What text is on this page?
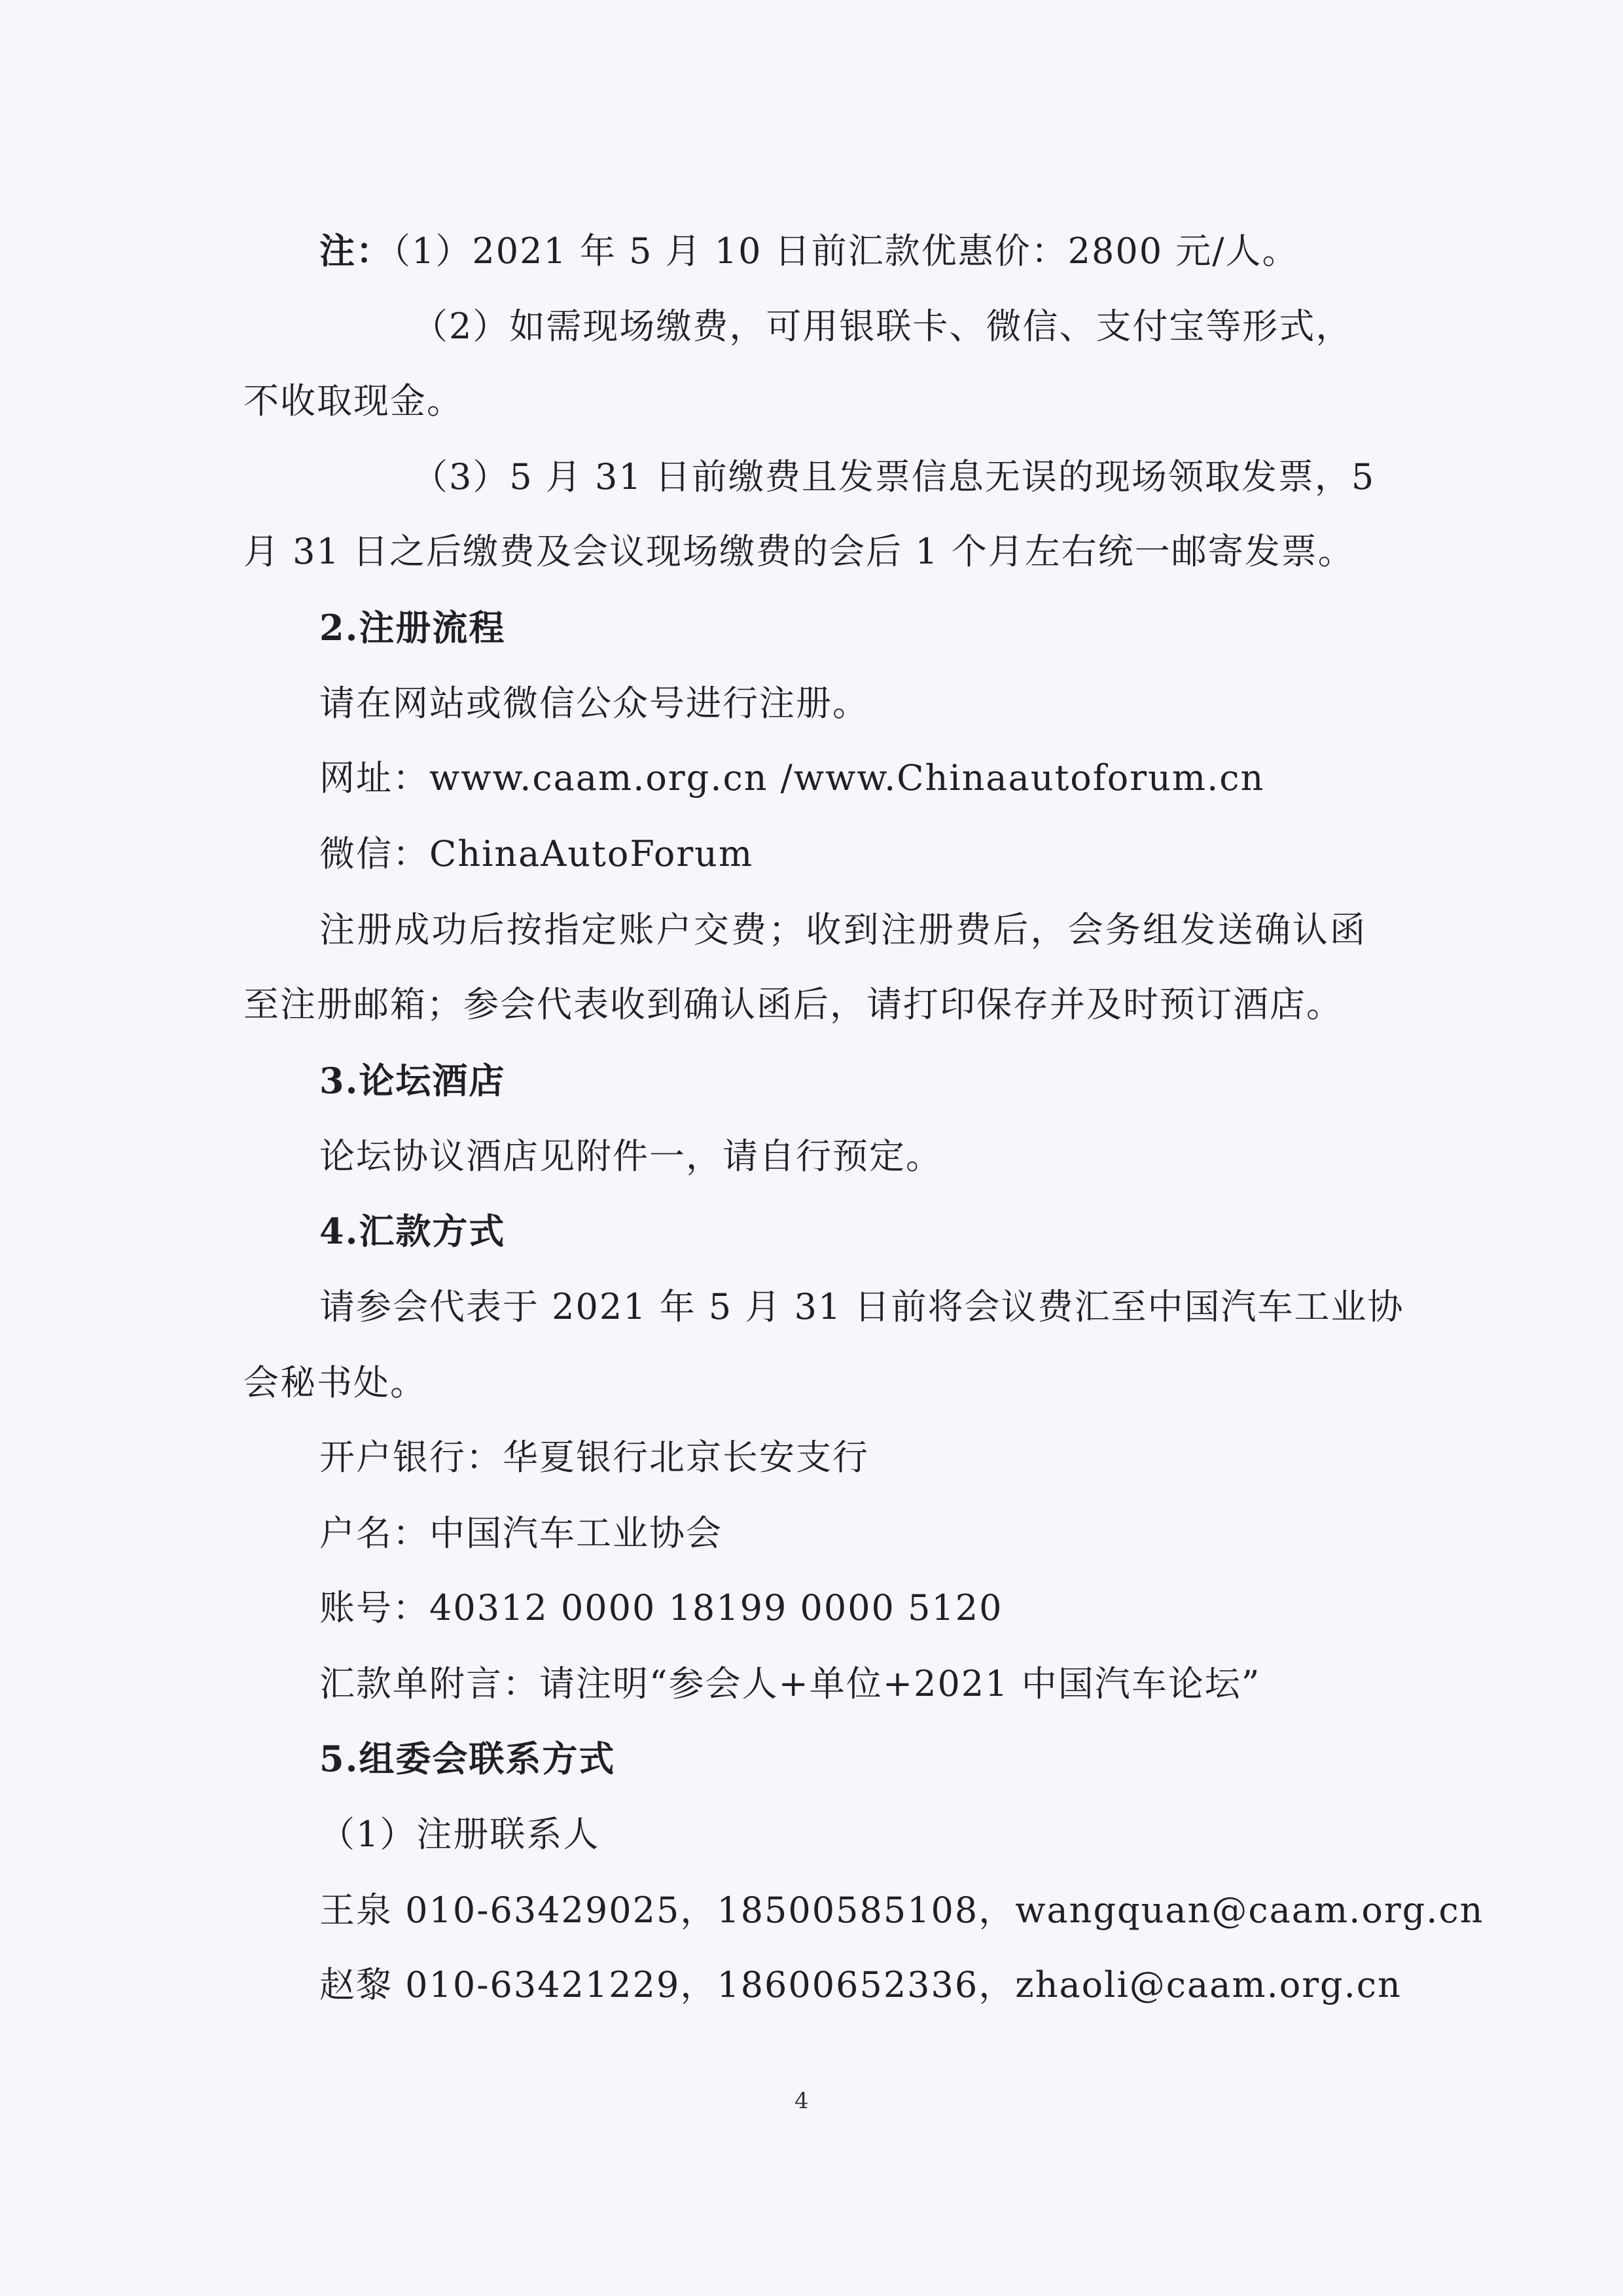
注：（1）2021 年 5 月 10 日前汇款优惠价：2800 元/人。
（2）如需现场缴费，可用银联卡、微信、支付宝等形式，
不收取现金。
（3）5 月 31 日前缴费且发票信息无误的现场领取发票，5
月 31 日之后缴费及会议现场缴费的会后 1 个月左右统一邮寄发票。
2.注册流程
请在网站或微信公众号进行注册。
网址：www.caam.org.cn /www.Chinaautoforum.cn
微信：ChinaAutoForum
注册成功后按指定账户交费；收到注册费后，会务组发送确认函
至注册邮箱；参会代表收到确认函后，请打印保存并及时预订酒店。
3.论坛酒店
论坛协议酒店见附件一，请自行预定。
4.汇款方式
请参会代表于 2021 年 5 月 31 日前将会议费汇至中国汽车工业协
会秘书处。
开户银行：华夏银行北京长安支行
户名：中国汽车工业协会
账号：40312 0000 18199 0000 5120
汇款单附言：请注明“参会人+单位+2021 中国汽车论坛”
5.组委会联系方式
（1）注册联系人
王泉 010-63429025，18500585108，wangquan@caam.org.cn
赵黎 010-63421229，18600652336，zhaoli@caam.org.cn
4
